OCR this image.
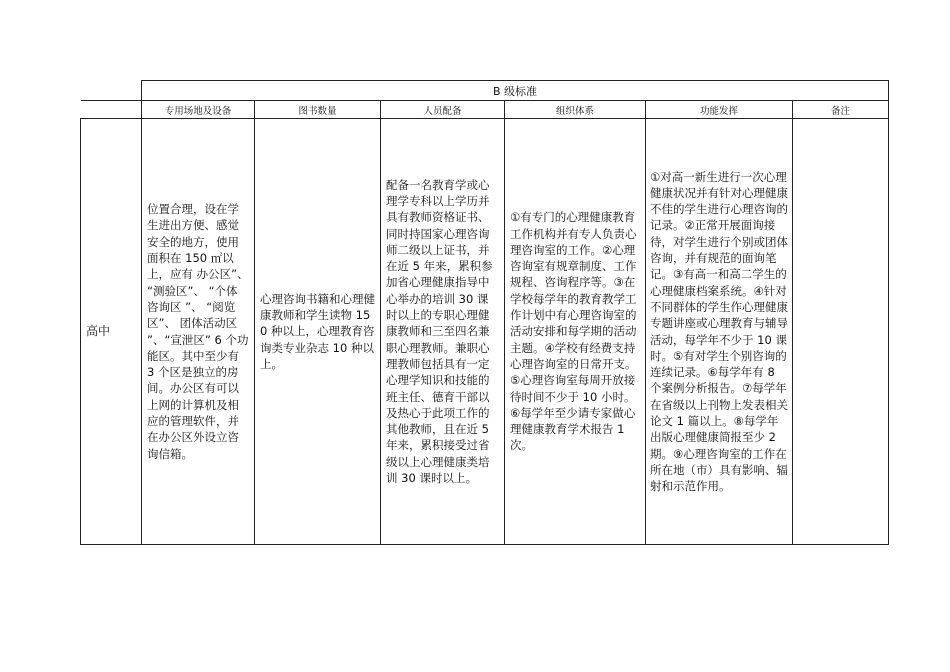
	B 级标准					
	专用场地及设备	图书数量	人员配备	组织体系	功能发挥	备注
高中	位置合理，设在学生进出方便、感觉安全的地方，使用面积在 150 ㎡以上，应有 办公区”、 “测验区”、 “个体咨询区 ”、 “阅览区”、 团体活动区 ”、“宣泄区” 6 个功能区。其中至少有 3 个区是独立的房间。办公区有可以上网的计算机及相应的管理软件，并在办公区外设立咨询信箱。	心理咨询书籍和心理健康教师和学生读物 150 种以上，心理教育咨询类专业杂志 10 种以上。	配备一名教育学或心理学专科以上学历并具有教师资格证书、同时持国家心理咨询师二级以上证书，并在近 5 年来，累积参加省心理健康指导中心举办的培训 30 课时以上的专职心理健康教师和三至四名兼职心理教师。兼职心理教师包括具有一定心理学知识和技能的班主任、德育干部以及热心于此项工作的其他教师，且在近 5 年来，累积接受过省级以上心理健康类培训 30 课时以上。	①有专门的心理健康教育工作机构并有专人负责心理咨询室的工作。②心理咨询室有规章制度、工作规程、咨询程序等。③在学校每学年的教育教学工作计划中有心理咨询室的活动安排和每学期的活动主题。④学校有经费支持心理咨询室的日常开支。⑤心理咨询室每周开放接待时间不少于 10 小时。⑥每学年至少请专家做心理健康教育学术报告 1 次。	①对高一新生进行一次心理健康状况并有针对心理健康不佳的学生进行心理咨询的记录。②正常开展面询接待，对学生进行个别或团体咨询，并有规范的面询笔记。③有高一和高二学生的心理健康档案系统。④针对不同群体的学生作心理健康专题讲座或心理教育与辅导活动，每学年不少于 10 课时。⑤有对学生个别咨询的连续记录。⑥每学年有 8 个案例分析报告。⑦每学年在省级以上刊物上发表相关论文 1 篇以上。⑧每学年出版心理健康简报至少 2 期。⑨心理咨询室的工作在所在地（市）具有影响、辐射和示范作用。	
